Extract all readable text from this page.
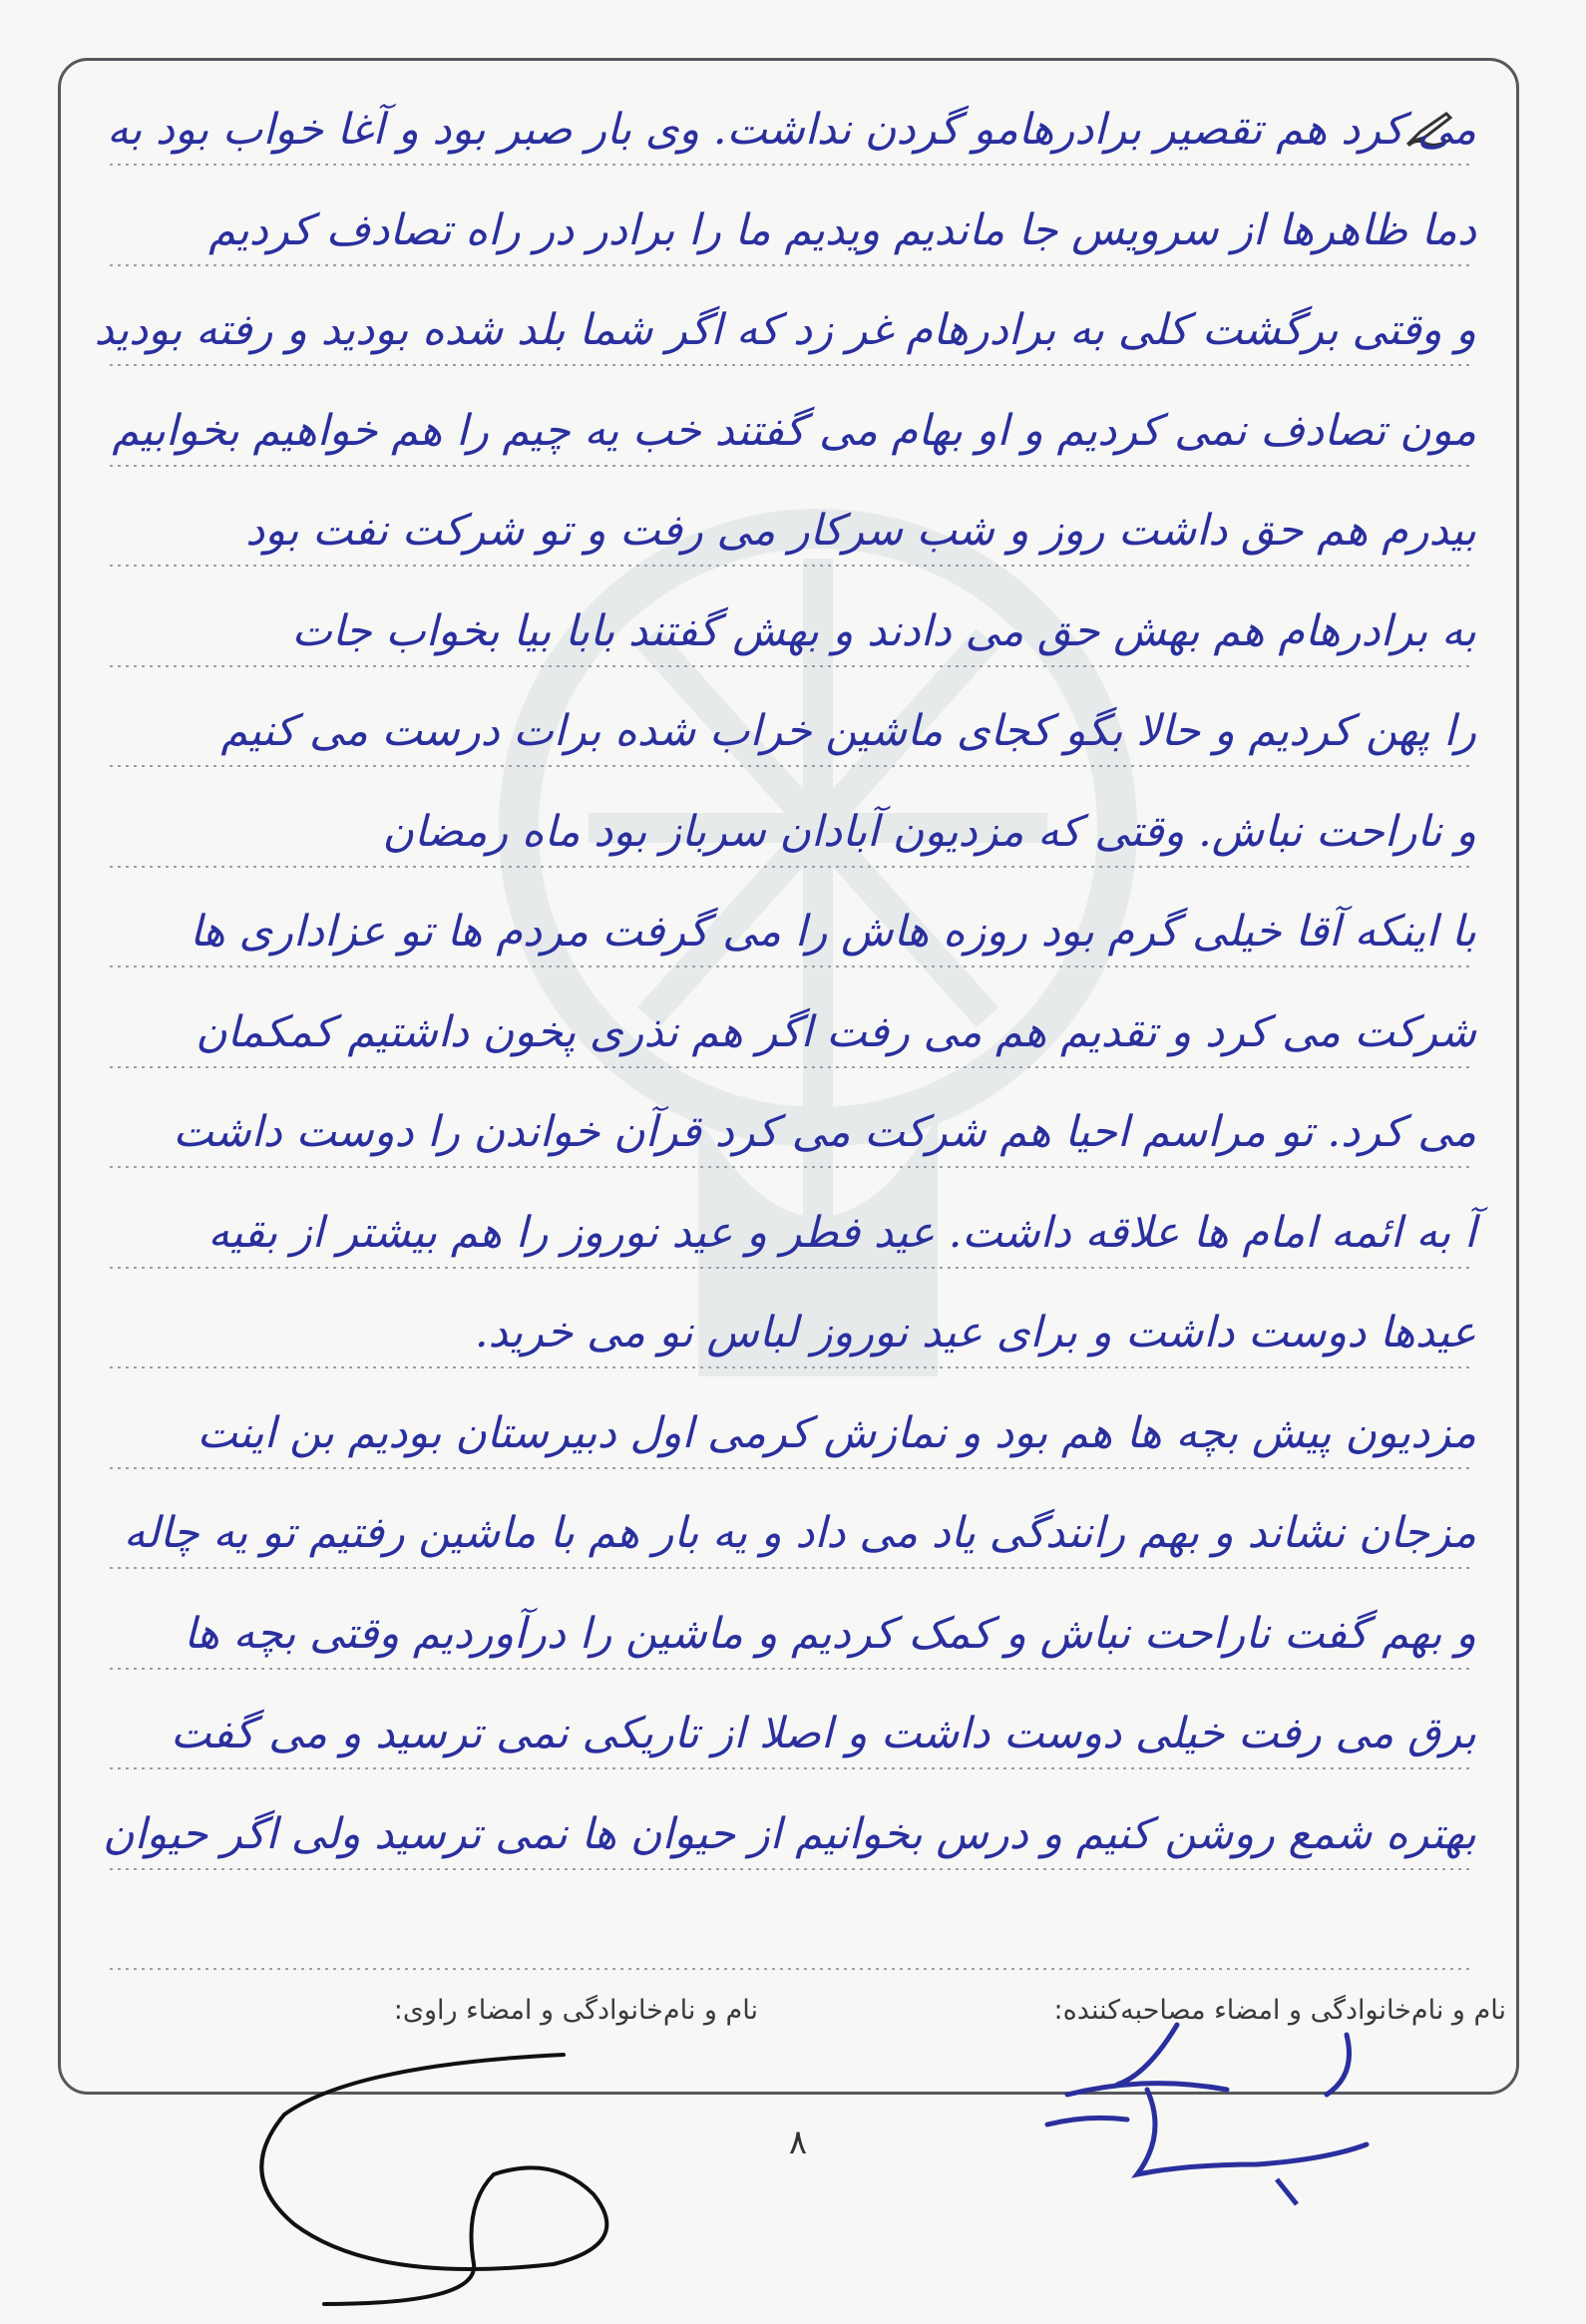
می کرد هم تقصیر برادرهامو گردن نداشت. وی بار صبر بود و آغا خواب بود به
دما ظاهرها از سرویس جا ماندیم ویدیم ما را برادر در راه تصادف کردیم
و وقتی برگشت کلی به برادرهام غر زد که اگر شما بلد شده بودید و رفته بودید
مون تصادف نمی کردیم و او بهام می گفتند خب یه چیم را هم خواهیم بخوابیم
بیدرم هم حق داشت روز و شب سرکار می رفت و تو شرکت نفت بود
به برادرهام هم بهش حق می دادند و بهش گفتند بابا بیا بخواب جات
را پهن کردیم و حالا بگو کجای ماشین خراب شده برات درست می کنیم
و ناراحت نباش. وقتی که مزدیون آبادان سرباز بود ماه رمضان
با اینکه آقا خیلی گرم بود روزه هاش را می گرفت مردم ها تو عزاداری ها
شرکت می کرد و تقدیم هم می رفت اگر هم نذری پخون داشتیم کمکمان
می کرد. تو مراسم احیا هم شرکت می کرد قرآن خواندن را دوست داشت
آ به ائمه امام ها علاقه داشت. عید فطر و عید نوروز را هم بیشتر از بقیه
عیدها دوست داشت و برای عید نوروز لباس نو می خرید.
مزدیون پیش بچه ها هم بود و نمازش کرمی اول دبیرستان بودیم بن اینت
مزجان نشاند و بهم رانندگی یاد می داد و یه بار هم با ماشین رفتیم تو یه چاله
و بهم گفت ناراحت نباش و کمک کردیم و ماشین را درآوردیم وقتی بچه ها
برق می رفت خیلی دوست داشت و اصلا از تاریکی نمی ترسید و می گفت
بهتره شمع روشن کنیم و درس بخوانیم از حیوان ها نمی ترسید ولی اگر حیوان
نام و نام‌خانوادگی و امضاء مصاحبه‌کننده:
نام و نام‌خانوادگی و امضاء راوی:
۸
